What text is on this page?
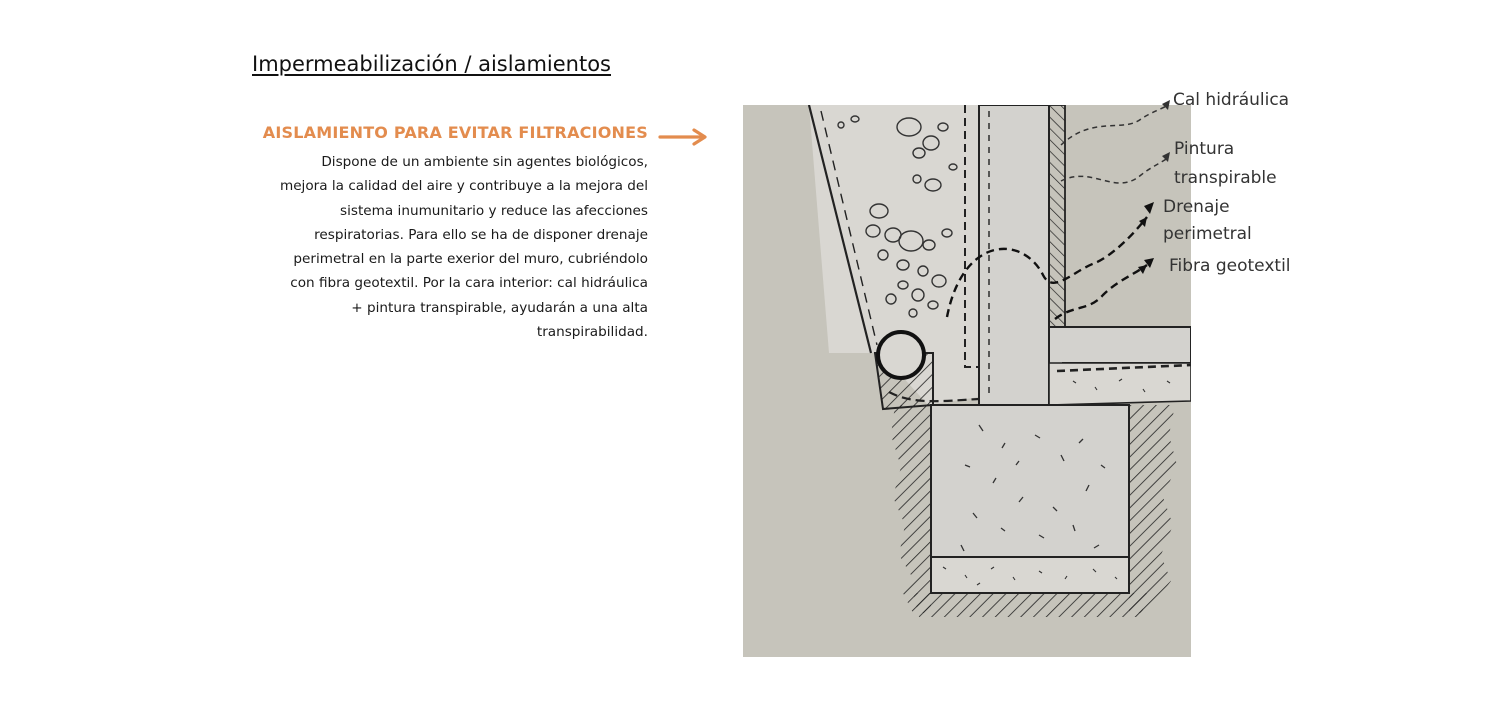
Impermeabilización / aislamientos
AISLAMIENTO PARA EVITAR FILTRACIONES
Dispone de un ambiente sin agentes biológicos,
mejora la calidad del aire y contribuye a la mejora del
sistema inumunitario y reduce las afecciones
respiratorias. Para ello se ha de disponer drenaje
perimetral en la parte exerior del muro, cubriéndolo
con fibra geotextil. Por la cara interior: cal hidráulica
+ pintura transpirable, ayudarán a una alta
transpirabilidad.
Cal hidráulica
Pintura
transpirable
Drenaje
perimetral
Fibra geotextil
